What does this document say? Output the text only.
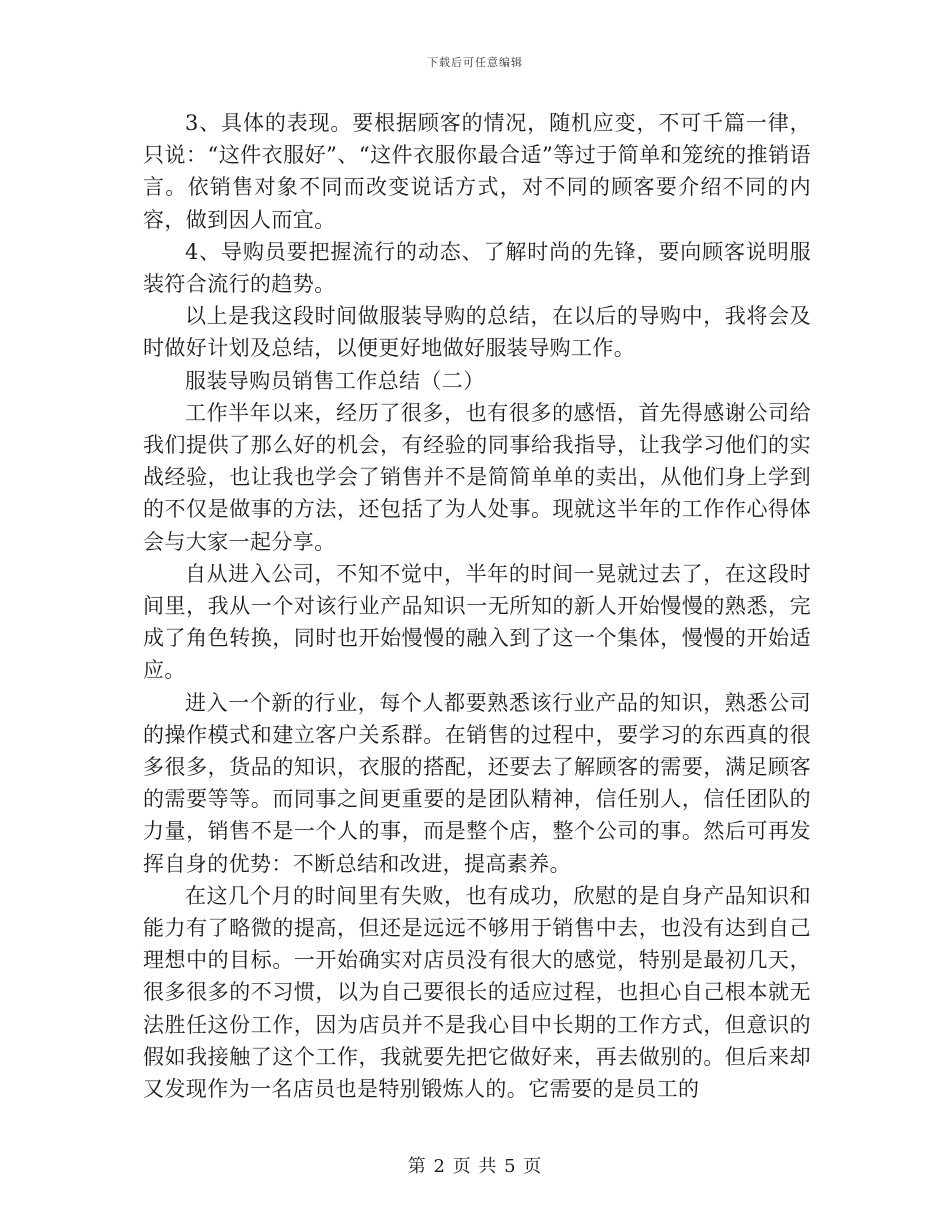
下载后可任意编辑

3、具体的表现。要根据顾客的情况，随机应变，不可千篇一律，只说：“这件衣服好”、“这件衣服你最合适”等过于简单和笼统的推销语言。依销售对象不同而改变说话方式，对不同的顾客要介绍不同的内容，做到因人而宜。

4、导购员要把握流行的动态、了解时尚的先锋，要向顾客说明服装符合流行的趋势。

以上是我这段时间做服装导购的总结，在以后的导购中，我将会及时做好计划及总结，以便更好地做好服装导购工作。

服装导购员销售工作总结（二）

工作半年以来，经历了很多，也有很多的感悟，首先得感谢公司给我们提供了那么好的机会，有经验的同事给我指导，让我学习他们的实战经验，也让我也学会了销售并不是简简单单的卖出，从他们身上学到的不仅是做事的方法，还包括了为人处事。现就这半年的工作作心得体会与大家一起分享。

自从进入公司，不知不觉中，半年的时间一晃就过去了，在这段时间里，我从一个对该行业产品知识一无所知的新人开始慢慢的熟悉，完成了角色转换，同时也开始慢慢的融入到了这一个集体，慢慢的开始适应。

进入一个新的行业，每个人都要熟悉该行业产品的知识，熟悉公司的操作模式和建立客户关系群。在销售的过程中，要学习的东西真的很多很多，货品的知识，衣服的搭配，还要去了解顾客的需要，满足顾客的需要等等。而同事之间更重要的是团队精神，信任别人，信任团队的力量，销售不是一个人的事，而是整个店，整个公司的事。然后可再发挥自身的优势：不断总结和改进，提高素养。

在这几个月的时间里有失败，也有成功，欣慰的是自身产品知识和能力有了略微的提高，但还是远远不够用于销售中去，也没有达到自己理想中的目标。一开始确实对店员没有很大的感觉，特别是最初几天，很多很多的不习惯，以为自己要很长的适应过程，也担心自己根本就无法胜任这份工作，因为店员并不是我心目中长期的工作方式，但意识的假如我接触了这个工作，我就要先把它做好来，再去做别的。但后来却又发现作为一名店员也是特别锻炼人的。它需要的是员工的

第 2 页 共 5 页
